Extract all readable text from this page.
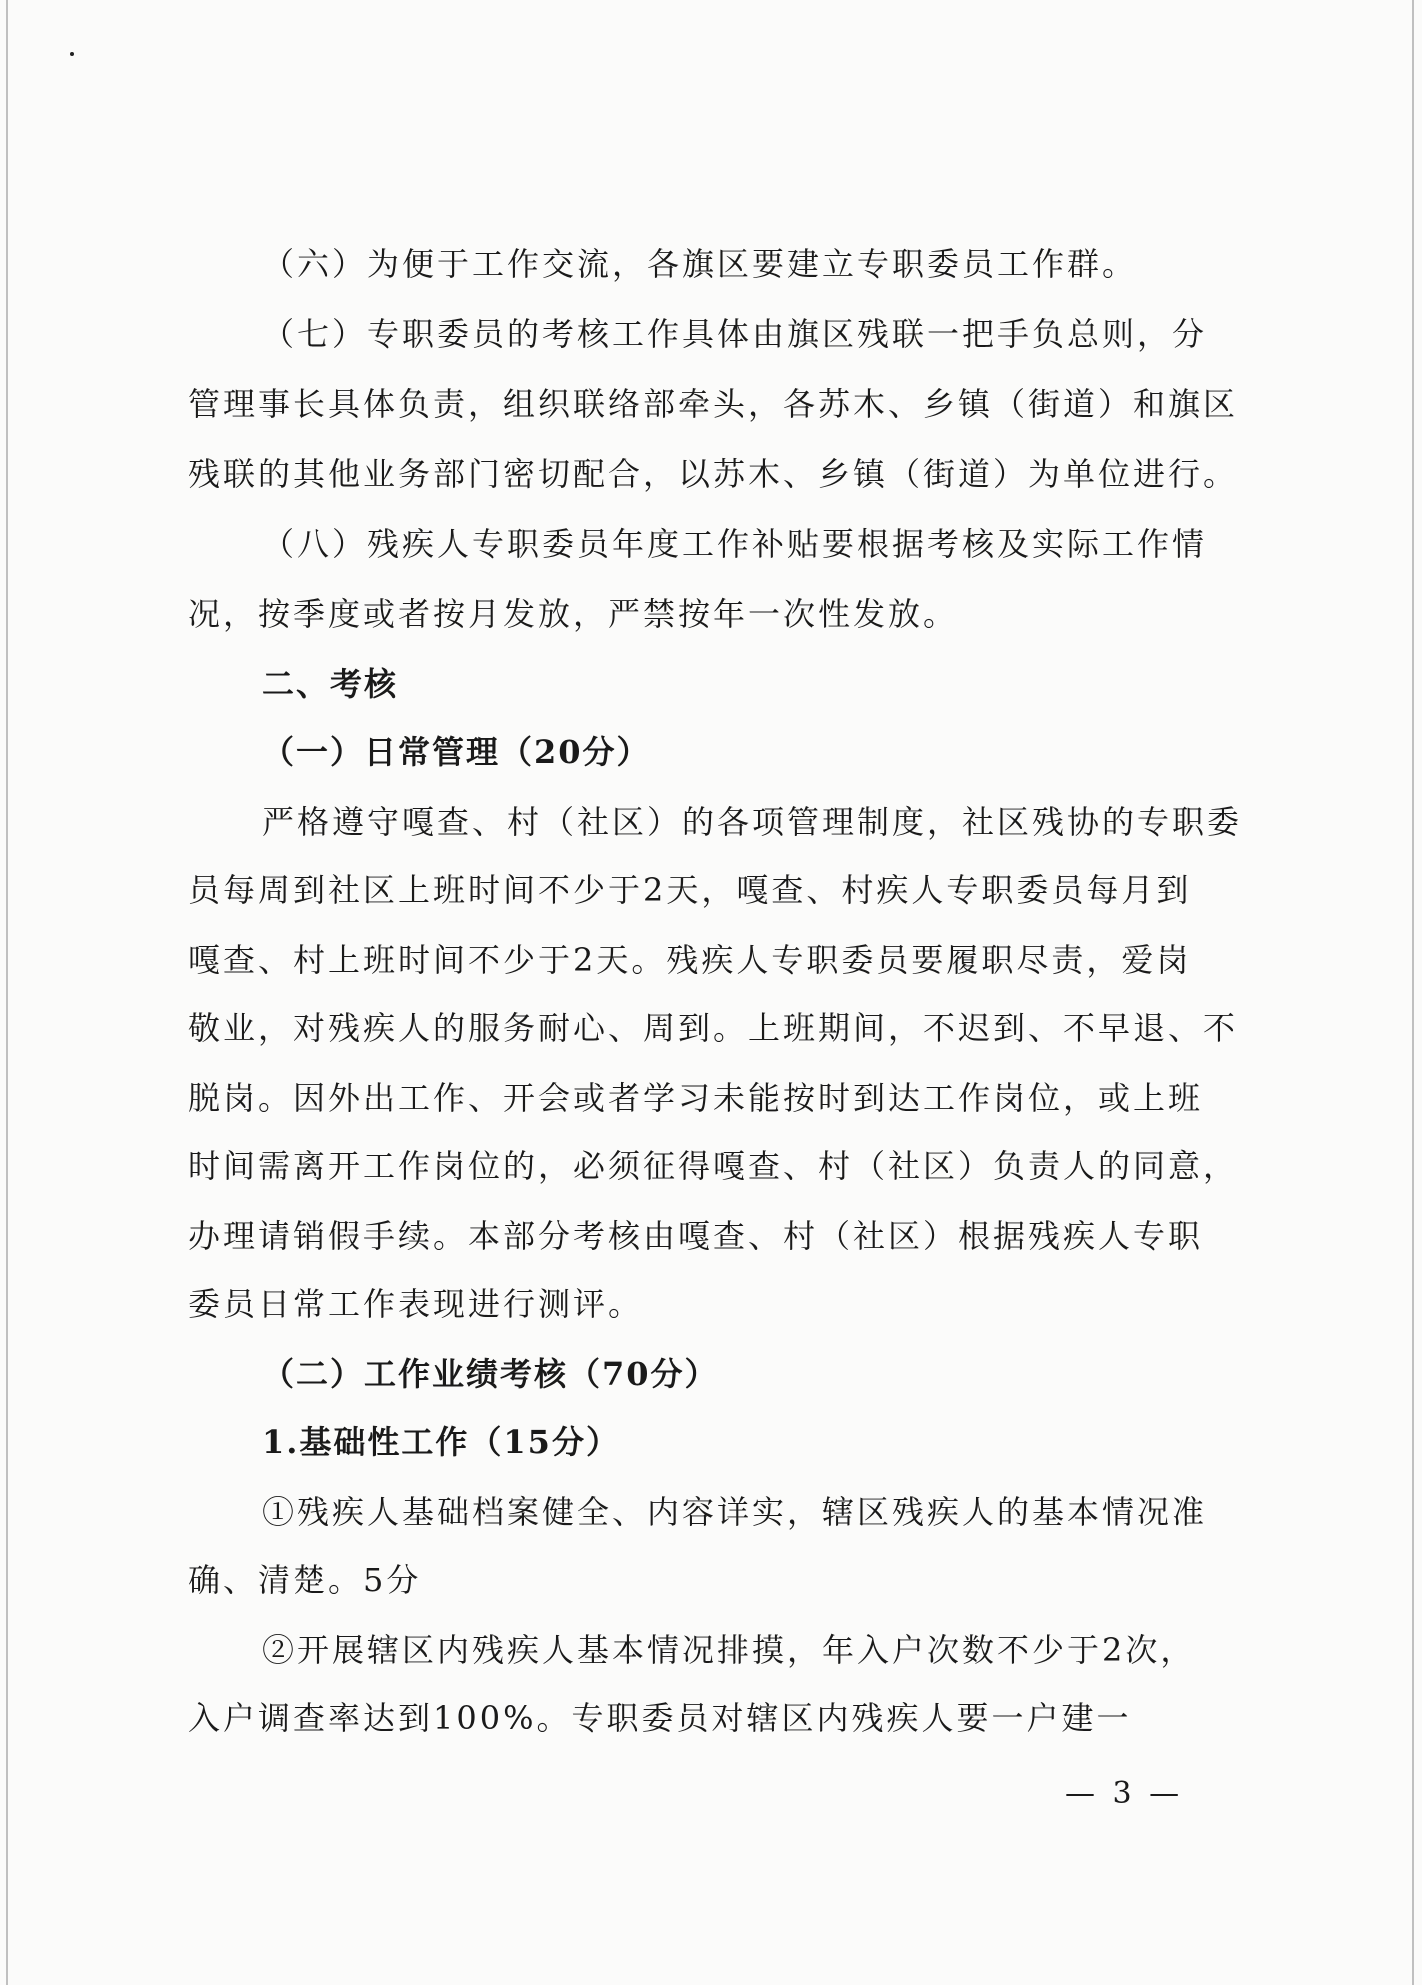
（六）为便于工作交流，各旗区要建立专职委员工作群。

（七）专职委员的考核工作具体由旗区残联一把手负总则，分

管理事长具体负责，组织联络部牵头，各苏木、乡镇（街道）和旗区

残联的其他业务部门密切配合，以苏木、乡镇（街道）为单位进行。

（八）残疾人专职委员年度工作补贴要根据考核及实际工作情

况，按季度或者按月发放，严禁按年一次性发放。

二、考核

（一）日常管理（20分）

严格遵守嘎查、村（社区）的各项管理制度，社区残协的专职委

员每周到社区上班时间不少于2天，嘎查、村疾人专职委员每月到

嘎查、村上班时间不少于2天。残疾人专职委员要履职尽责，爱岗

敬业，对残疾人的服务耐心、周到。上班期间，不迟到、不早退、不

脱岗。因外出工作、开会或者学习未能按时到达工作岗位，或上班

时间需离开工作岗位的，必须征得嘎查、村（社区）负责人的同意，

办理请销假手续。本部分考核由嘎查、村（社区）根据残疾人专职

委员日常工作表现进行测评。

（二）工作业绩考核（70分）

1.基础性工作（15分）

①残疾人基础档案健全、内容详实，辖区残疾人的基本情况准

确、清楚。5分

②开展辖区内残疾人基本情况排摸，年入户次数不少于2次，

入户调查率达到100%。专职委员对辖区内残疾人要一户建一

— 3 —
